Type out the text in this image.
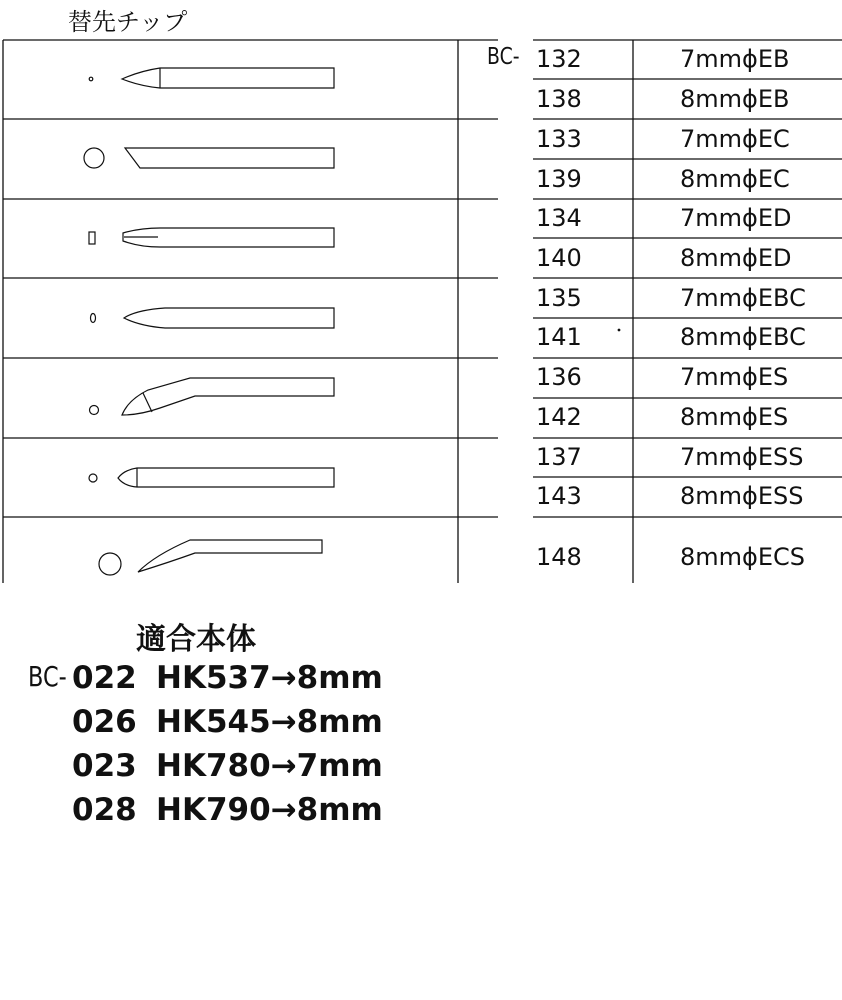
替先チップ
BC- 132	7mmϕEB
138	8mmϕEB
133	7mmϕEC
139	8mmϕEC
134	7mmϕED
140	8mmϕED
135	7mmϕEBC
141	8mmϕEBC
136	7mmϕES
142	8mmϕES
137	7mmϕESS
143	8mmϕESS
148	8mmϕECS
適合本体
BC- 022 HK537→8mm
026 HK545→8mm
023 HK780→7mm
028 HK790→8mm
